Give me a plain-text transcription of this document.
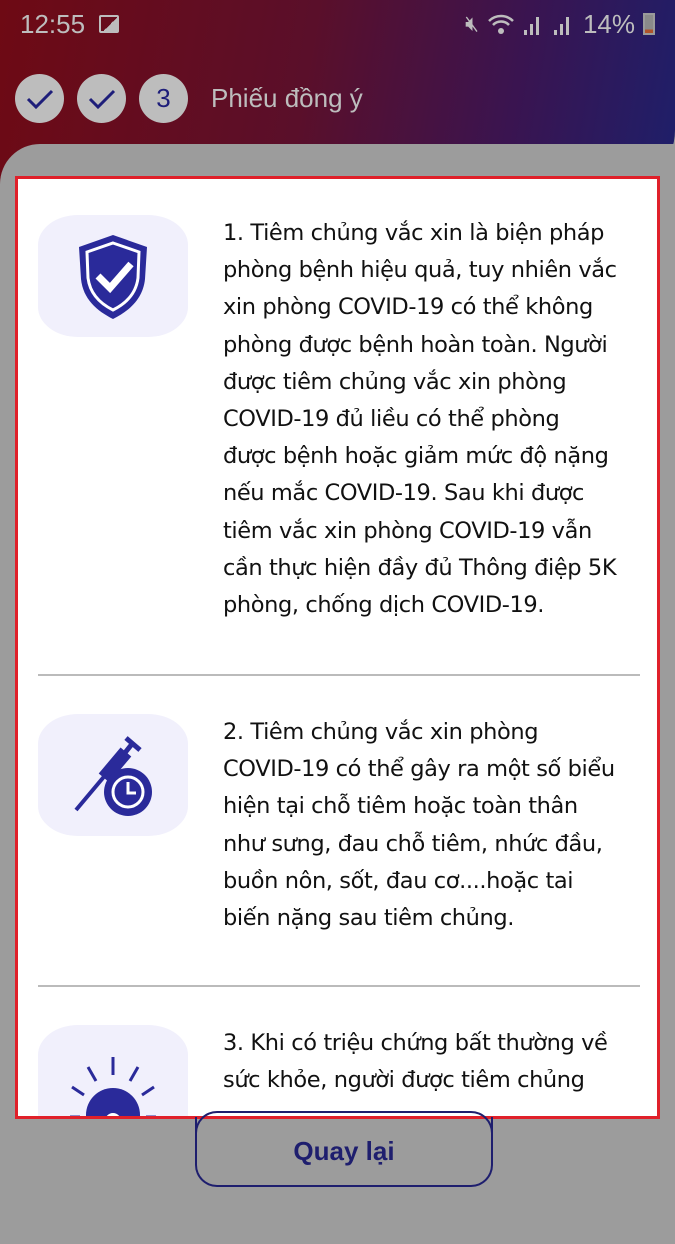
12:55	🔇︎	14%
3	Phiếu đồng ý
1. Tiêm chủng vắc xin là biện pháp
phòng bệnh hiệu quả, tuy nhiên vắc
xin phòng COVID-19 có thể không
phòng được bệnh hoàn toàn. Người
được tiêm chủng vắc xin phòng
COVID-19 đủ liều có thể phòng
được bệnh hoặc giảm mức độ nặng
nếu mắc COVID-19. Sau khi được
tiêm vắc xin phòng COVID-19 vẫn
cần thực hiện đầy đủ Thông điệp 5K
phòng, chống dịch COVID-19.
2. Tiêm chủng vắc xin phòng
COVID-19 có thể gây ra một số biểu
hiện tại chỗ tiêm hoặc toàn thân
như sưng, đau chỗ tiêm, nhức đầu,
buồn nôn, sốt, đau cơ....hoặc tai
biến nặng sau tiêm chủng.
3. Khi có triệu chứng bất thường về
sức khỏe, người được tiêm chủng
Quay lại
